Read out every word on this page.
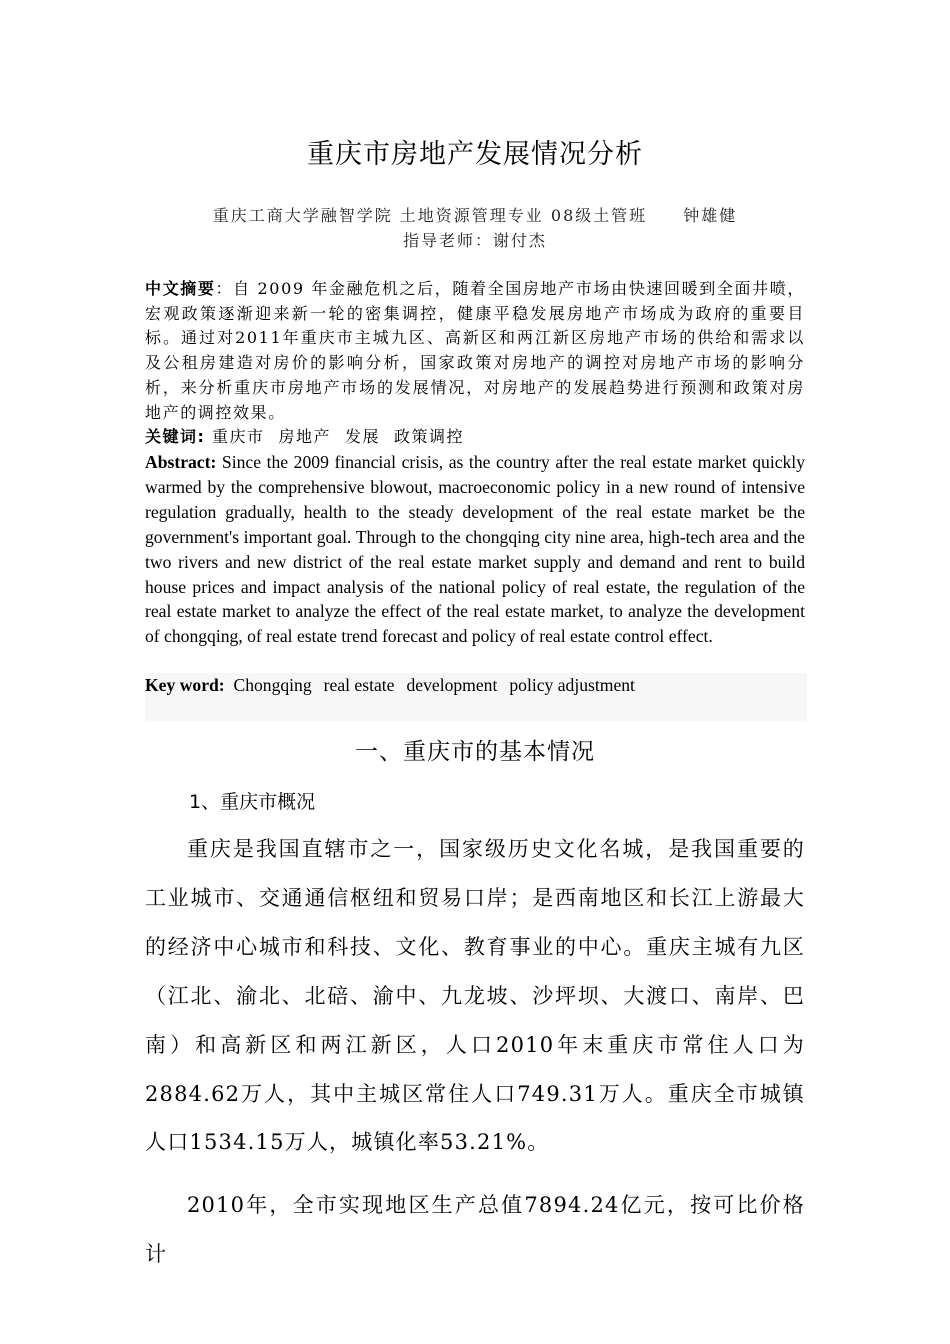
重庆市房地产发展情况分析
重庆工商大学融智学院 土地资源管理专业 08级土管班　　钟雄健
指导老师：谢付杰
中文摘要：自 2009 年金融危机之后，随着全国房地产市场由快速回暖到全面井喷，宏观政策逐渐迎来新一轮的密集调控，健康平稳发展房地产市场成为政府的重要目标。通过对2011年重庆市主城九区、高新区和两江新区房地产市场的供给和需求以及公租房建造对房价的影响分析，国家政策对房地产的调控对房地产市场的影响分析，来分析重庆市房地产市场的发展情况，对房地产的发展趋势进行预测和政策对房地产的调控效果。
关键词: 重庆市 房地产 发展 政策调控
Abstract: Since the 2009 financial crisis, as the country after the real estate market quickly warmed by the comprehensive blowout, macroeconomic policy in a new round of intensive regulation gradually, health to the steady development of the real estate market be the government's important goal. Through to the chongqing city nine area, high-tech area and the two rivers and new district of the real estate market supply and demand and rent to build house prices and impact analysis of the national policy of real estate, the regulation of the real estate market to analyze the effect of the real estate market, to analyze the development of chongqing, of real estate trend forecast and policy of real estate control effect.
Key word: Chongqing real estate development policy adjustment
一、重庆市的基本情况
1、重庆市概况

重庆是我国直辖市之一，国家级历史文化名城，是我国重要的工业城市、交通通信枢纽和贸易口岸；是西南地区和长江上游最大的经济中心城市和科技、文化、教育事业的中心。重庆主城有九区（江北、渝北、北碚、渝中、九龙坡、沙坪坝、大渡口、南岸、巴南）和高新区和两江新区，人口2010年末重庆市常住人口为2884.62万人，其中主城区常住人口749.31万人。重庆全市城镇人口1534.15万人，城镇化率53.21%。

2010年，全市实现地区生产总值7894.24亿元，按可比价格计
